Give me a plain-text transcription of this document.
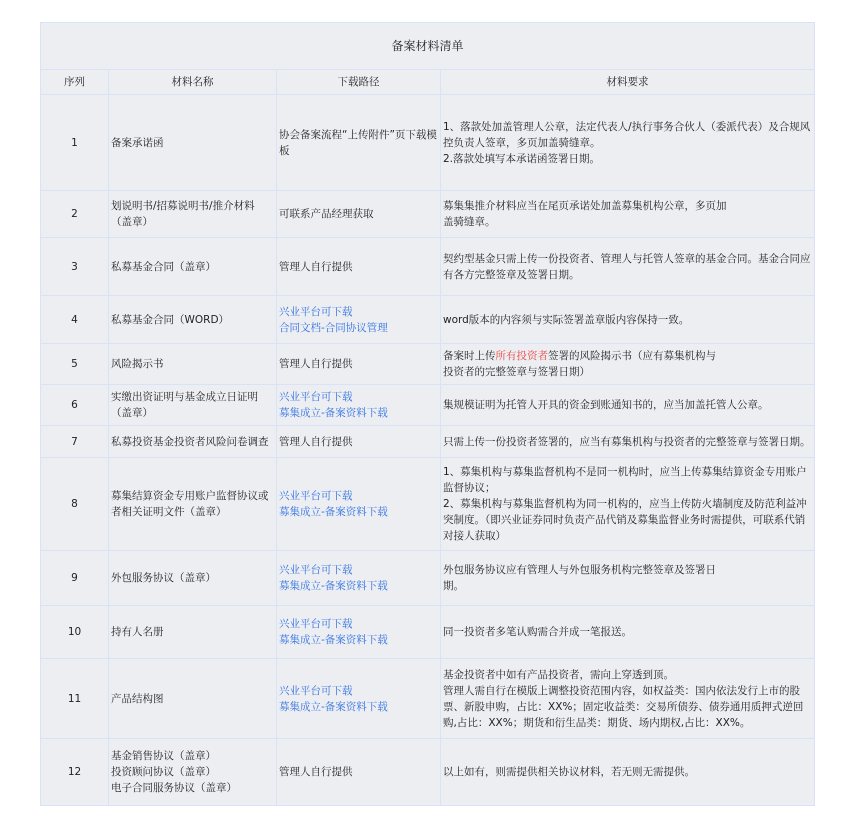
备案材料清单			
序列	材料名称	下载路径	材料要求
1	备案承诺函	协会备案流程“上传附件”页下载模板	1、落款处加盖管理人公章，法定代表人/执行事务合伙人（委派代表）及合规风控负责人签章，多页加盖骑缝章。
2.落款处填写本承诺函签署日期。

2	划说明书/招募说明书/推介材料（盖章）	可联系产品经理获取	募集集推介材料应当在尾页承诺处加盖募集机构公章，多页加
盖骑缝章。

3	私募基金合同（盖章）	管理人自行提供	契约型基金只需上传一份投资者、管理人与托管人签章的基金合同。基金合同应有各方完整签章及签署日期。

4	私募基金合同（WORD）	兴业平台可下载
合同文档-合同协议管理	word版本的内容须与实际签署盖章版内容保持一致。

5	风险揭示书	管理人自行提供	备案时上传所有投资者签署的风险揭示书（应有募集机构与
投资者的完整签章与签署日期）

6	实缴出资证明与基金成立日证明（盖章）	兴业平台可下载
募集成立-备案资料下载	集规模证明为托管人开具的资金到账通知书的，应当加盖托管人公章。

7	私募投资基金投资者风险问卷调查	管理人自行提供	只需上传一份投资者签署的，应当有募集机构与投资者的完整签章与签署日期。

8	募集结算资金专用账户监督协议或者相关证明文件（盖章）	兴业平台可下载
募集成立-备案资料下载	1、募集机构与募集监督机构不是同一机构时，应当上传募集结算资金专用账户监督协议；
2、募集机构与募集监督机构为同一机构的，应当上传防火墙制度及防范利益冲突制度。（即兴业证券同时负责产品代销及募集监督业务时需提供，可联系代销对接人获取）

9	外包服务协议（盖章）	兴业平台可下载
募集成立-备案资料下载	外包服务协议应有管理人与外包服务机构完整签章及签署日
期。

10	持有人名册	兴业平台可下载
募集成立-备案资料下载	同一投资者多笔认购需合并成一笔报送。

11	产品结构图	兴业平台可下载
募集成立-备案资料下载	基金投资者中如有产品投资者，需向上穿透到顶。
管理人需自行在模版上调整投资范围内容，如权益类：国内依法发行上市的股票、新股申购，占比：XX%；固定收益类：交易所债券、债券通用质押式逆回购,占比：XX%；期货和衍生品类：期货、场内期权,占比：XX%。

12	基金销售协议（盖章）
投资顾问协议（盖章）
电子合同服务协议（盖章）	管理人自行提供	以上如有，则需提供相关协议材料，若无则无需提供。
